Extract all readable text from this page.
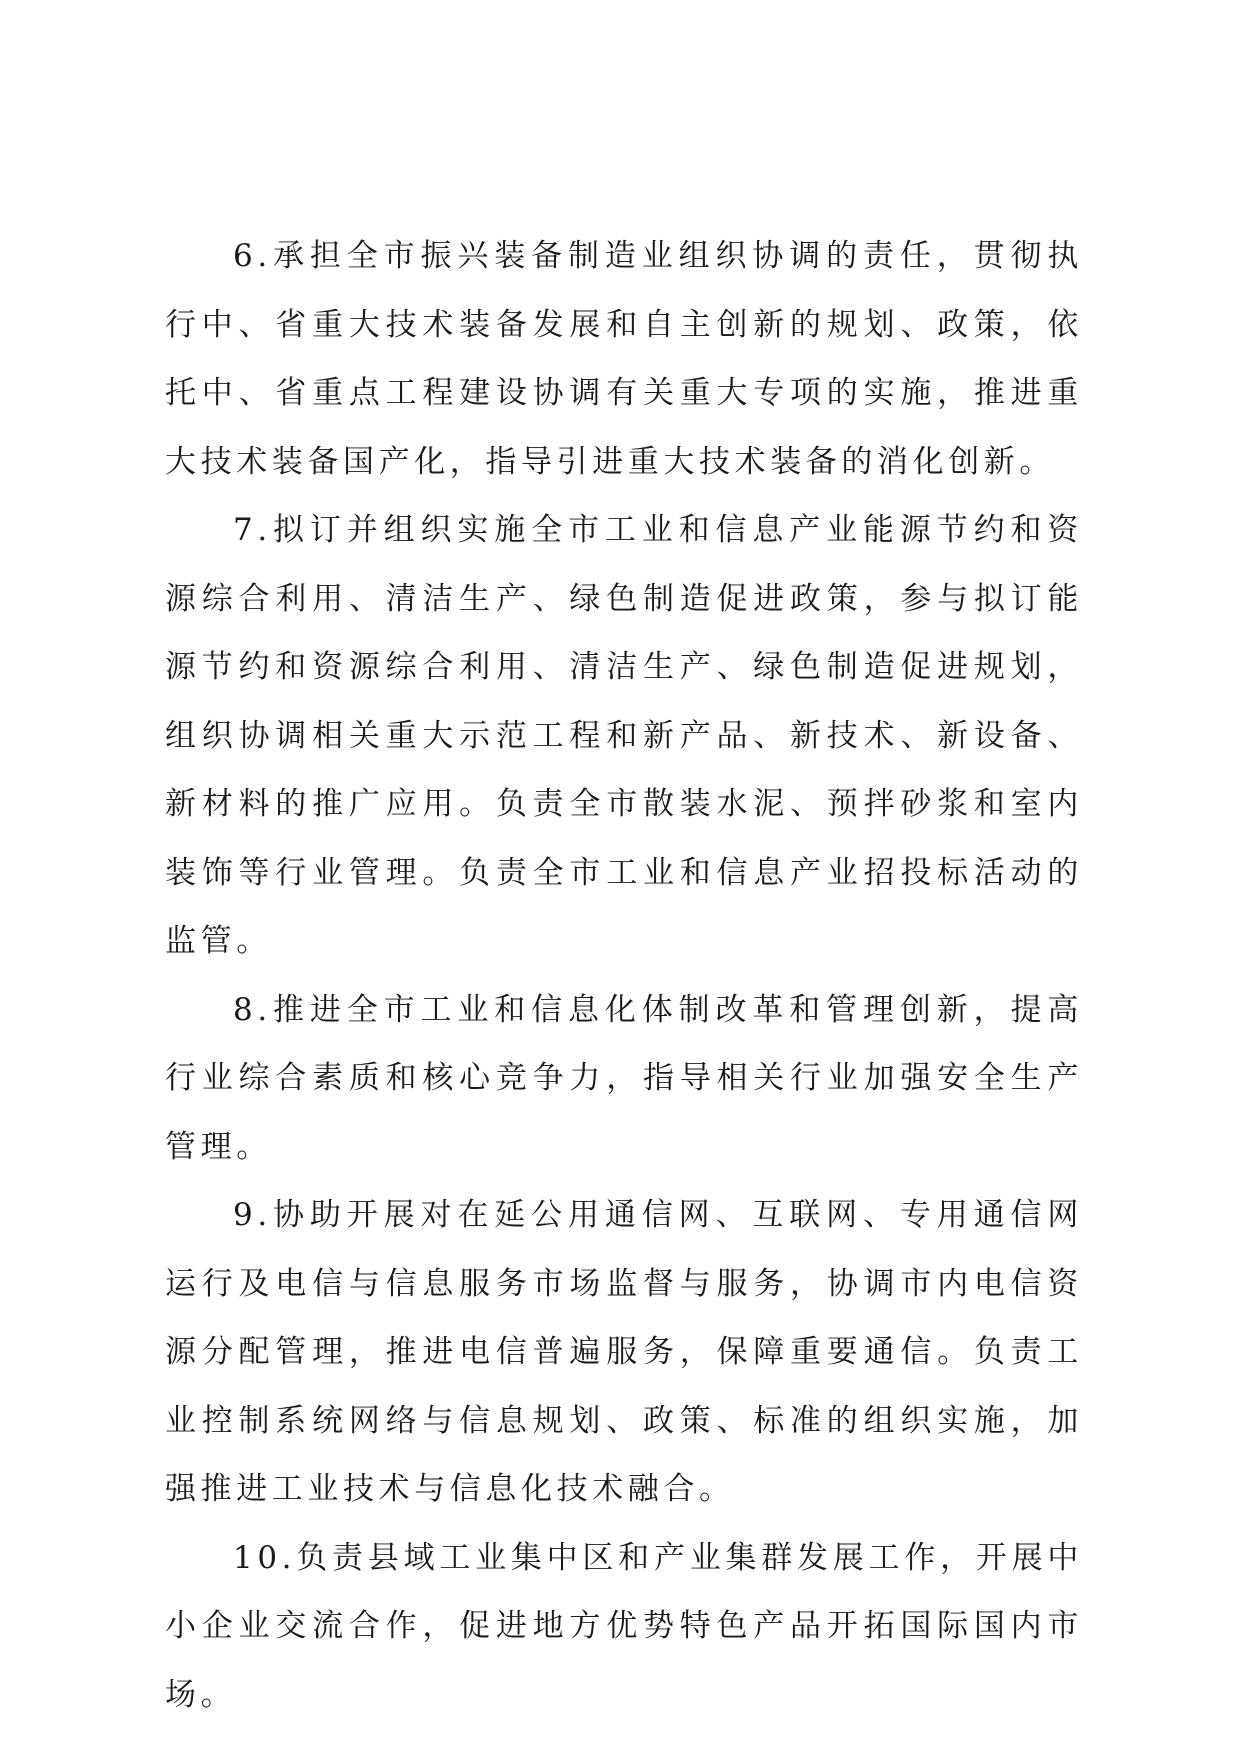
6.承担全市振兴装备制造业组织协调的责任，贯彻执行中、省重大技术装备发展和自主创新的规划、政策，依托中、省重点工程建设协调有关重大专项的实施，推进重大技术装备国产化，指导引进重大技术装备的消化创新。

7.拟订并组织实施全市工业和信息产业能源节约和资源综合利用、清洁生产、绿色制造促进政策，参与拟订能源节约和资源综合利用、清洁生产、绿色制造促进规划，组织协调相关重大示范工程和新产品、新技术、新设备、新材料的推广应用。负责全市散装水泥、预拌砂浆和室内装饰等行业管理。负责全市工业和信息产业招投标活动的监管。

8.推进全市工业和信息化体制改革和管理创新，提高行业综合素质和核心竞争力，指导相关行业加强安全生产管理。

9.协助开展对在延公用通信网、互联网、专用通信网运行及电信与信息服务市场监督与服务，协调市内电信资源分配管理，推进电信普遍服务，保障重要通信。负责工业控制系统网络与信息规划、政策、标准的组织实施，加强推进工业技术与信息化技术融合。

10.负责县域工业集中区和产业集群发展工作，开展中小企业交流合作，促进地方优势特色产品开拓国际国内市场。
